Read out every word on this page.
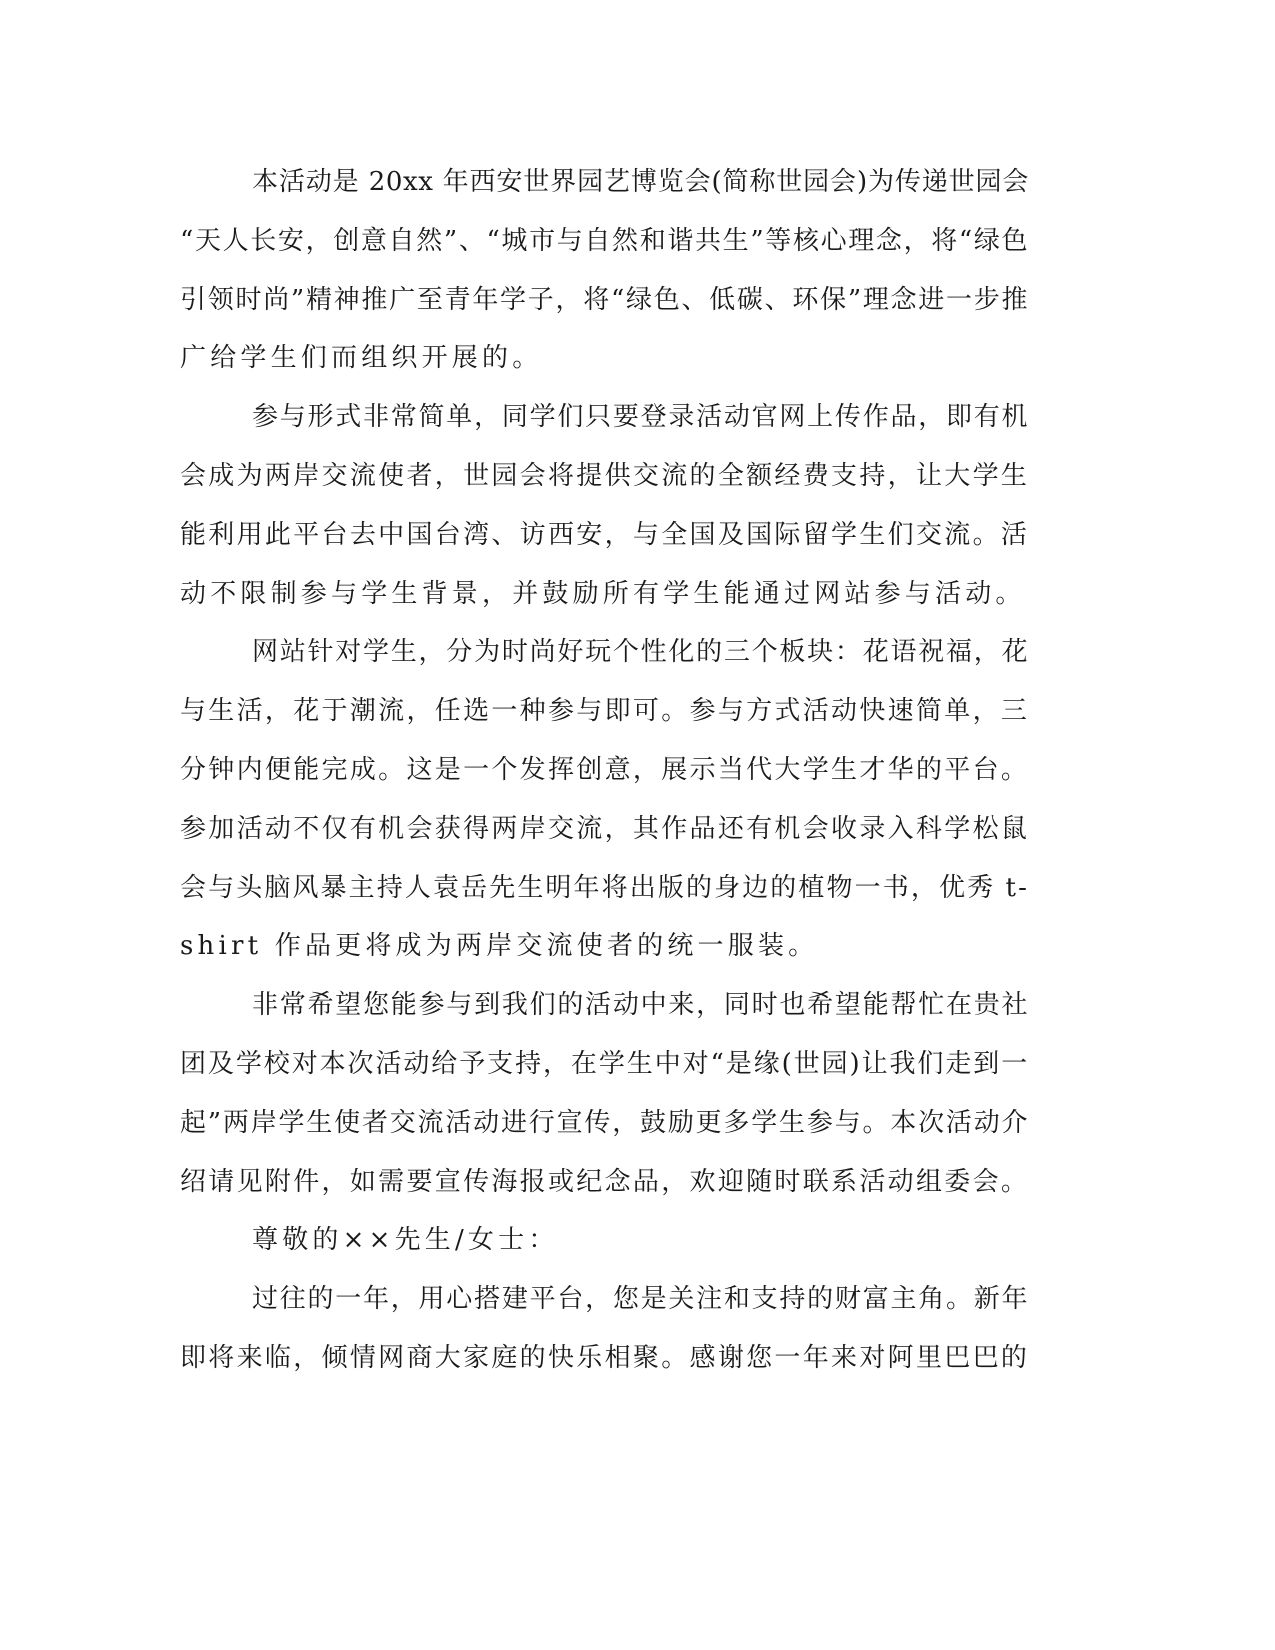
本活动是 20xx 年西安世界园艺博览会(简称世园会)为传递世园会
“天人长安，创意自然”、“城市与自然和谐共生”等核心理念，将“绿色
引领时尚”精神推广至青年学子，将“绿色、低碳、环保”理念进一步推
广给学生们而组织开展的。
参与形式非常简单，同学们只要登录活动官网上传作品，即有机
会成为两岸交流使者，世园会将提供交流的全额经费支持，让大学生
能利用此平台去中国台湾、访西安，与全国及国际留学生们交流。活
动不限制参与学生背景，并鼓励所有学生能通过网站参与活动。
网站针对学生，分为时尚好玩个性化的三个板块：花语祝福，花
与生活，花于潮流，任选一种参与即可。参与方式活动快速简单，三
分钟内便能完成。这是一个发挥创意，展示当代大学生才华的平台。
参加活动不仅有机会获得两岸交流，其作品还有机会收录入科学松鼠
会与头脑风暴主持人袁岳先生明年将出版的身边的植物一书，优秀 t-
shirt 作品更将成为两岸交流使者的统一服装。
非常希望您能参与到我们的活动中来，同时也希望能帮忙在贵社
团及学校对本次活动给予支持，在学生中对“是缘(世园)让我们走到一
起”两岸学生使者交流活动进行宣传，鼓励更多学生参与。本次活动介
绍请见附件，如需要宣传海报或纪念品，欢迎随时联系活动组委会。
尊敬的××先生/女士：
过往的一年，用心搭建平台，您是关注和支持的财富主角。新年
即将来临，倾情网商大家庭的快乐相聚。感谢您一年来对阿里巴巴的
